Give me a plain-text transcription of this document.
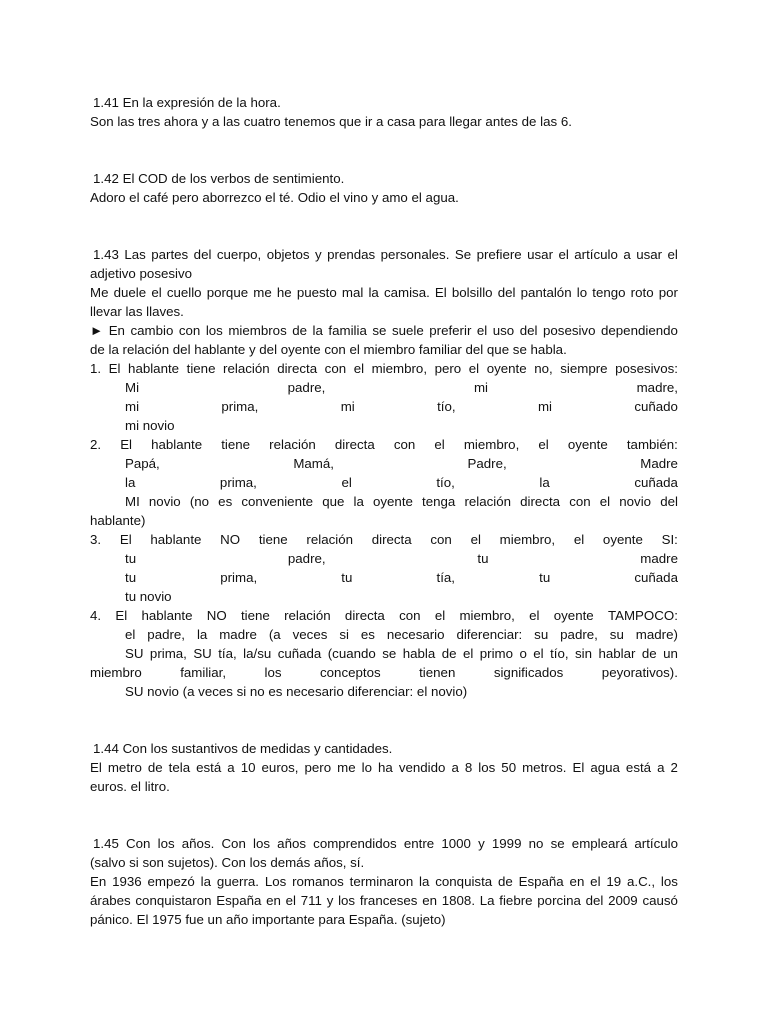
1.41 En la expresión de la hora.
Son las tres ahora y a las cuatro tenemos que ir a casa para llegar antes de las 6.
1.42 El COD de los verbos de sentimiento.
Adoro el café pero aborrezco el té. Odio el vino y amo el agua.
1.43 Las partes del cuerpo, objetos y prendas personales. Se prefiere usar el artículo a usar el
adjetivo posesivo
Me duele el cuello porque me he puesto mal la camisa. El bolsillo del pantalón lo tengo roto por
llevar las llaves.
► En cambio con los miembros de la familia se suele preferir el uso del posesivo dependiendo
de la relación del hablante y del oyente con el miembro familiar del que se habla.
1. El hablante tiene relación directa con el miembro, pero el oyente no, siempre posesivos:
Mi	padre,	mi	madre,
mi	prima,	mi	tío,	mi	cuñado
mi novio
2. El hablante tiene relación directa con el miembro, el oyente también:
Papá,	Mamá,	Padre,	Madre
la	prima,	el	tío,	la	cuñada
MI novio (no es conveniente que la oyente tenga relación directa con el novio del
hablante)
3. El hablante NO tiene relación directa con el miembro, el oyente SI:
tu	padre,	tu	madre
tu	prima,	tu	tía,	tu	cuñada
tu novio
4. El hablante NO tiene relación directa con el miembro, el oyente TAMPOCO:
el padre, la madre (a veces si es necesario diferenciar: su padre, su madre)
SU prima, SU tía, la/su cuñada (cuando se habla de el primo o el tío, sin hablar de un
miembro	familiar,	los	conceptos	tienen	significados	peyorativos).
SU novio (a veces si no es necesario diferenciar: el novio)
1.44 Con los sustantivos de medidas y cantidades.
El metro de tela está a 10 euros, pero me lo ha vendido a 8 los 50 metros. El agua está a 2
euros. el litro.
1.45 Con los años. Con los años comprendidos entre 1000 y 1999 no se empleará artículo
(salvo si son sujetos). Con los demás años, sí.
En 1936 empezó la guerra. Los romanos terminaron la conquista de España en el 19 a.C., los
árabes conquistaron España en el 711 y los franceses en 1808. La fiebre porcina del 2009 causó
pánico. El 1975 fue un año importante para España. (sujeto)
